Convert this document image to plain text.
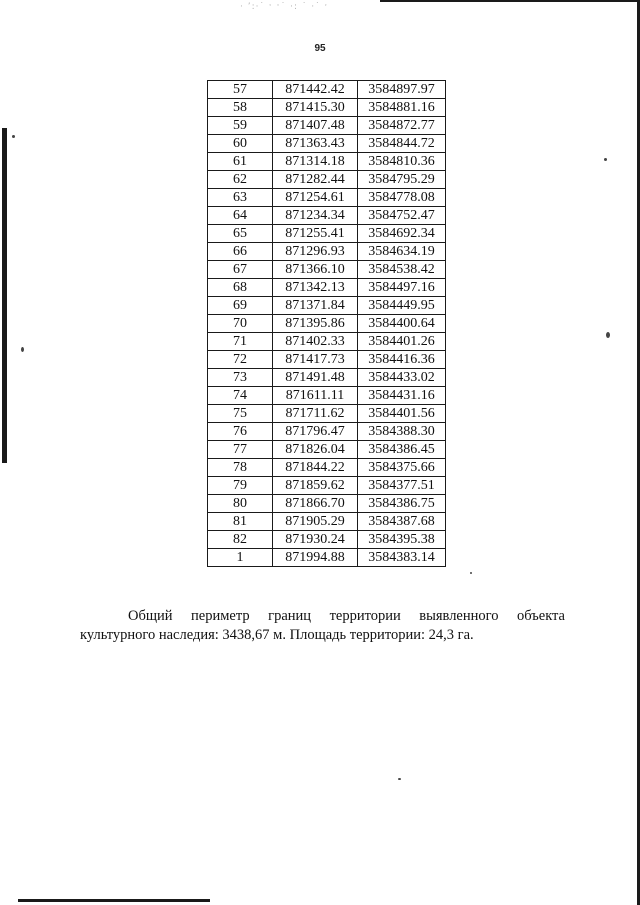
· ʼ:·˙ ˑ ˑ˙ ·: ˙ ·˙ ˑ
95
57	871442.42	3584897.97
58	871415.30	3584881.16
59	871407.48	3584872.77
60	871363.43	3584844.72
61	871314.18	3584810.36
62	871282.44	3584795.29
63	871254.61	3584778.08
64	871234.34	3584752.47
65	871255.41	3584692.34
66	871296.93	3584634.19
67	871366.10	3584538.42
68	871342.13	3584497.16
69	871371.84	3584449.95
70	871395.86	3584400.64
71	871402.33	3584401.26
72	871417.73	3584416.36
73	871491.48	3584433.02
74	871611.11	3584431.16
75	871711.62	3584401.56
76	871796.47	3584388.30
77	871826.04	3584386.45
78	871844.22	3584375.66
79	871859.62	3584377.51
80	871866.70	3584386.75
81	871905.29	3584387.68
82	871930.24	3584395.38
1	871994.88	3584383.14

Общий периметр границ территории выявленного объекта культурного наследия: 3438,67 м. Площадь территории: 24,3 га.
